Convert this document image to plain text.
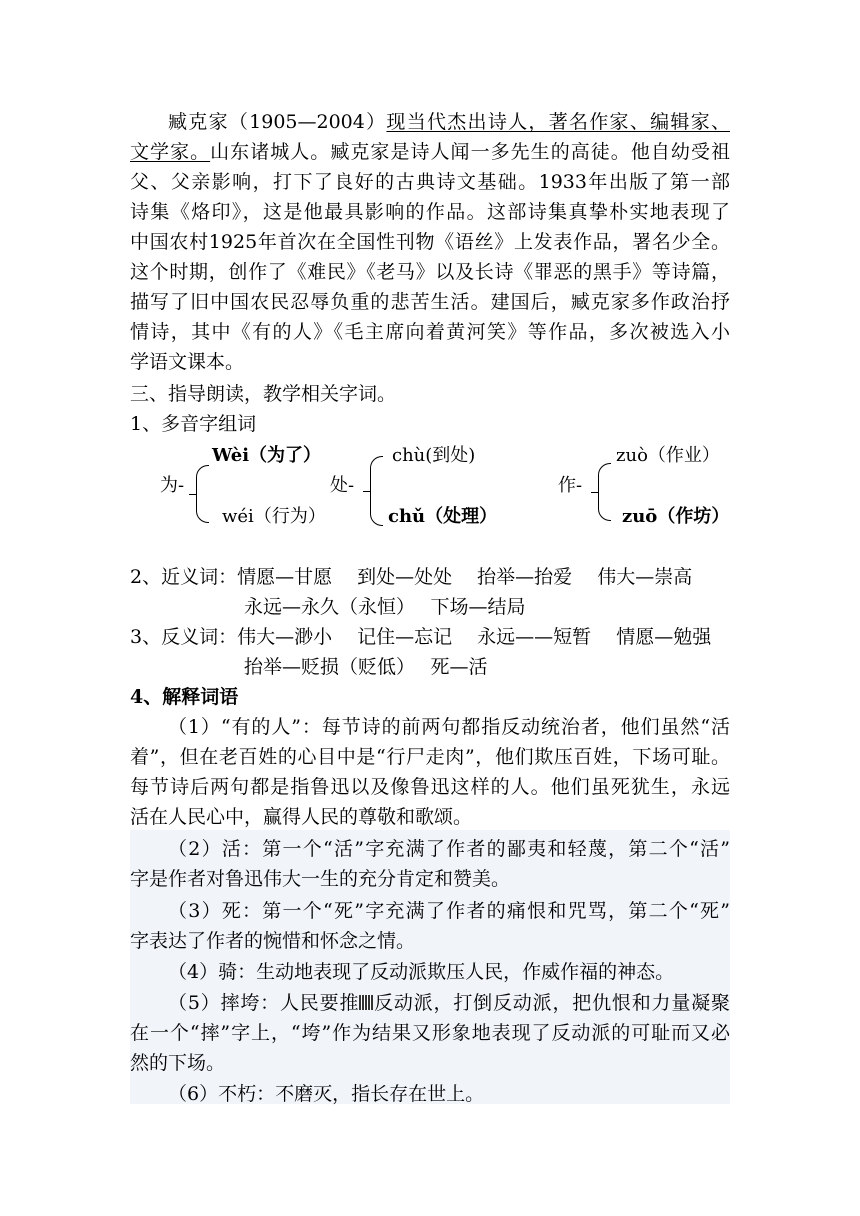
臧克家（1905—2004）现当代杰出诗人，著名作家、编辑家、
文学家。山东诸城人。臧克家是诗人闻一多先生的高徒。他自幼受祖
父、父亲影响，打下了良好的古典诗文基础。1933年出版了第一部
诗集《烙印》，这是他最具影响的作品。这部诗集真挚朴实地表现了
中国农村1925年首次在全国性刊物《语丝》上发表作品，署名少全。
这个时期，创作了《难民》《老马》以及长诗《罪恶的黑手》等诗篇，
描写了旧中国农民忍辱负重的悲苦生活。建国后，臧克家多作政治抒
情诗，其中《有的人》《毛主席向着黄河笑》等作品，多次被选入小
学语文课本。
三、指导朗读，教学相关字词。
1、多音字组词
Wèi（为了）
为-
wéi（行为）
chù(到处)
处-
chǔ（处理）
zuò（作业）
作-
zuō（作坊）
2、近义词：情愿—甘愿　 到处—处处　 抬举—抬爱　 伟大—崇高
永远—永久（永恒）　 下场—结局
3、反义词：伟大—渺小　 记住—忘记　 永远——短暂　 情愿—勉强
抬举—贬损（贬低）　 死—活
4、解释词语
（1）“有的人”：每节诗的前两句都指反动统治者，他们虽然“活
着”，但在老百姓的心目中是“行尸走肉”，他们欺压百姓，下场可耻。
每节诗后两句都是指鲁迅以及像鲁迅这样的人。他们虽死犹生，永远
活在人民心中，赢得人民的尊敬和歌颂。
（2）活：第一个“活”字充满了作者的鄙夷和轻蔑，第二个“活”
字是作者对鲁迅伟大一生的充分肯定和赞美。
（3）死：第一个“死”字充满了作者的痛恨和咒骂，第二个“死”
字表达了作者的惋惜和怀念之情。
（4）骑：生动地表现了反动派欺压人民，作威作福的神态。
（5）摔垮：人民要推 反动派，打倒反动派，把仇恨和力量凝聚
在一个“摔”字上，“垮”作为结果又形象地表现了反动派的可耻而又必
然的下场。
（6）不朽：不磨灭，指长存在世上。
